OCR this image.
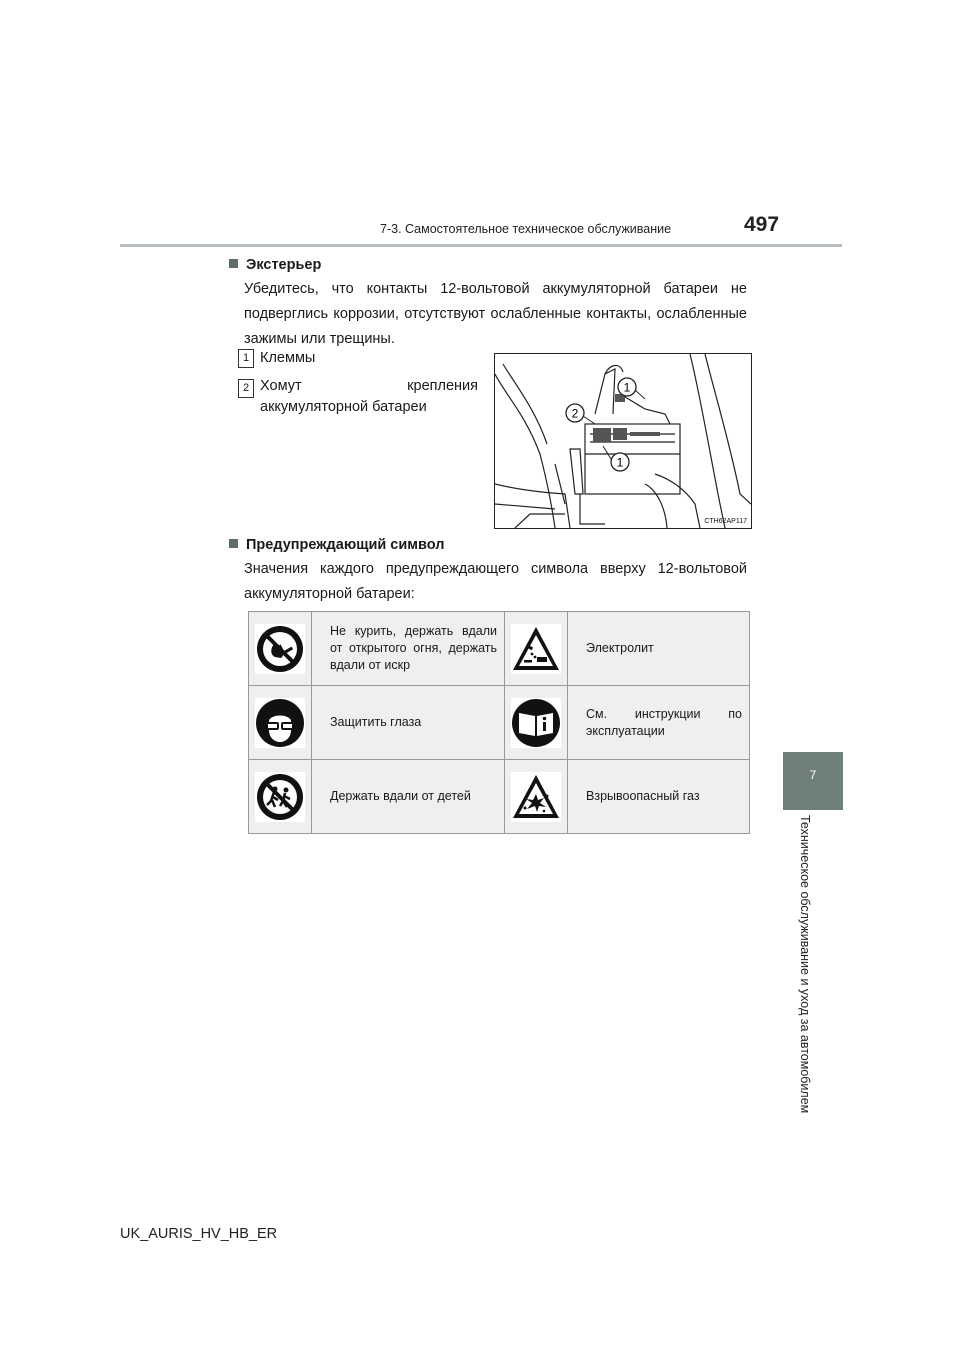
7-3. Самостоятельное техническое обслуживание	497
7
Техническое обслуживание и уход за автомобилем
Экстерьер
Убедитесь, что контакты 12-вольтовой аккумуляторной батареи не подверглись коррозии, отсутствуют ослабленные контакты, ослабленные зажимы или трещины.
1 Клеммы
2 Хомут крепления
аккумуляторной батареи
1
2
1
CTH62AP117
Предупреждающий символ
Значения каждого предупреждающего символа вверху 12-вольтовой аккумуляторной батареи:
	Не курить, держать вдали от открытого огня, держать вдали от искр		Электролит
	Защитить глаза		См. инструкции по эксплуатации
	Держать вдали от детей		Взрывоопасный газ
UK_AURIS_HV_HB_ER
